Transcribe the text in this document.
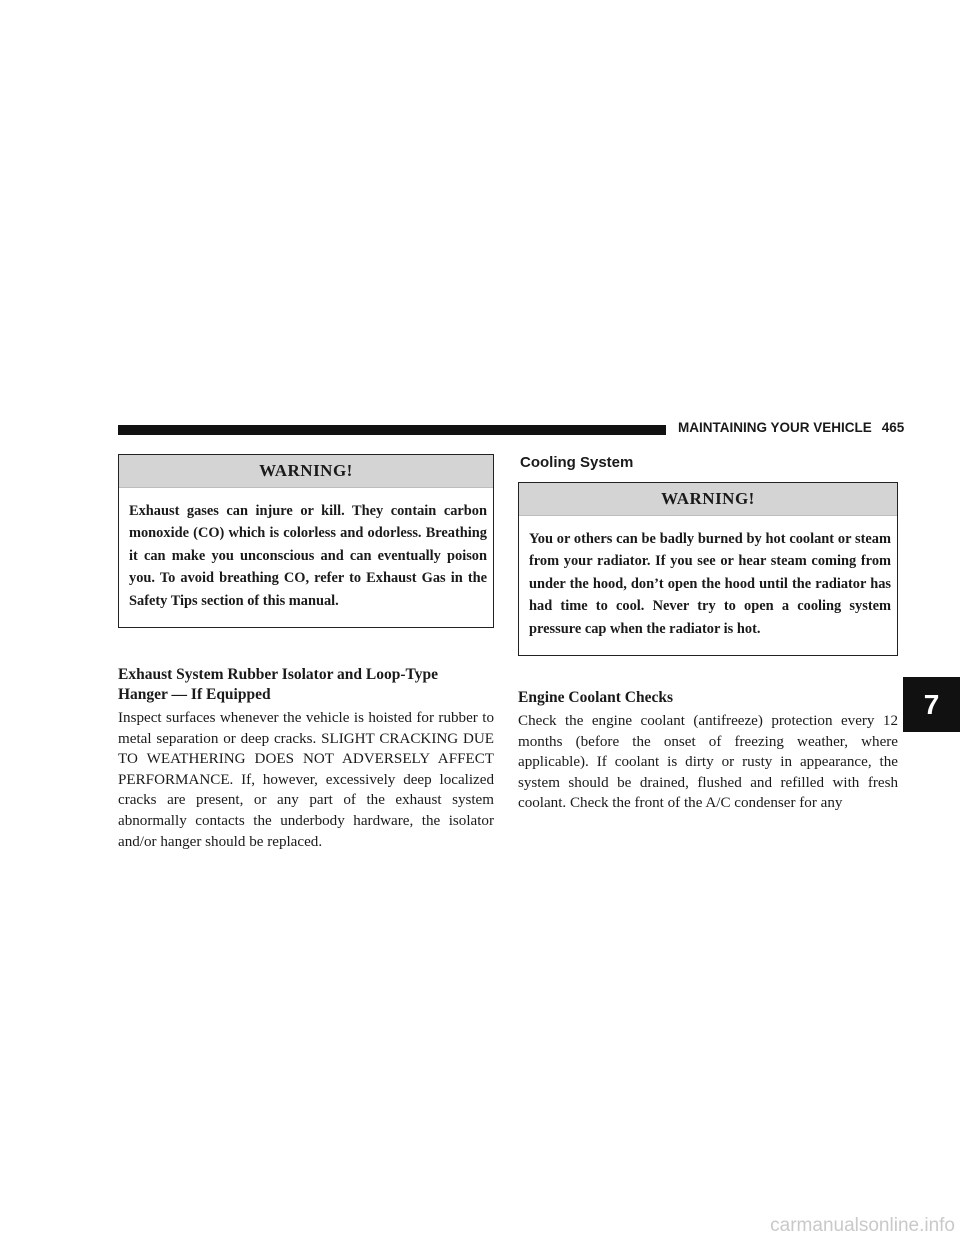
MAINTAINING YOUR VEHICLE 465
WARNING!
Exhaust gases can injure or kill. They contain carbon monoxide (CO) which is colorless and odorless. Breathing it can make you unconscious and can eventually poison you. To avoid breathing CO, refer to Exhaust Gas in the Safety Tips section of this manual.

Exhaust System Rubber Isolator and Loop-Type
Hanger — If Equipped

Inspect surfaces whenever the vehicle is hoisted for rubber to metal separation or deep cracks. SLIGHT CRACKING DUE TO WEATHERING DOES NOT ADVERSELY AFFECT PERFORMANCE. If, however, excessively deep localized cracks are present, or any part of the exhaust system abnormally contacts the underbody hardware, the isolator and/or hanger should be replaced.

Cooling System
WARNING!
You or others can be badly burned by hot coolant or steam from your radiator. If you see or hear steam coming from under the hood, don’t open the hood until the radiator has had time to cool. Never try to open a cooling system pressure cap when the radiator is hot.

Engine Coolant Checks

Check the engine coolant (antifreeze) protection every 12 months (before the onset of freezing weather, where applicable). If coolant is dirty or rusty in appearance, the system should be drained, flushed and refilled with fresh coolant. Check the front of the A/C condenser for any

7
carmanualsonline.info
